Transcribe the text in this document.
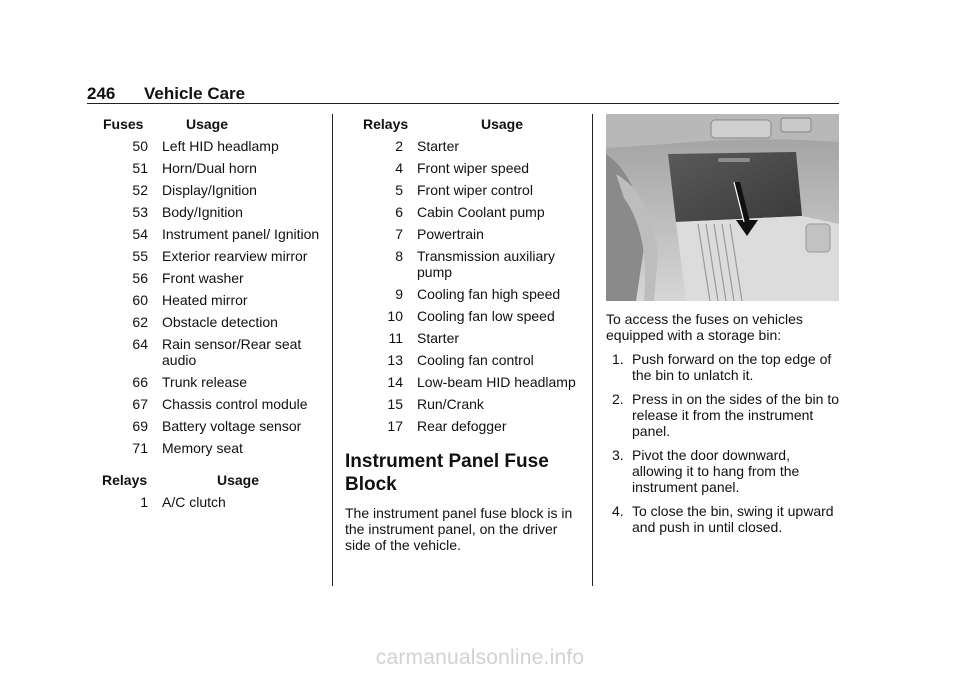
246 Vehicle Care
Fuses	Usage
50	Left HID headlamp
51	Horn/Dual horn
52	Display/Ignition
53	Body/Ignition
54	Instrument panel/ Ignition
55	Exterior rearview mirror
56	Front washer
60	Heated mirror
62	Obstacle detection
64	Rain sensor/Rear seat audio
66	Trunk release
67	Chassis control module
69	Battery voltage sensor
71	Memory seat
Relays	Usage
1	A/C clutch
Relays	Usage
2	Starter
4	Front wiper speed
5	Front wiper control
6	Cabin Coolant pump
7	Powertrain
8	Transmission auxiliary pump
9	Cooling fan high speed
10	Cooling fan low speed
11	Starter
13	Cooling fan control
14	Low-beam HID headlamp
15	Run/Crank
17	Rear defogger
Instrument Panel Fuse Block

The instrument panel fuse block is in the instrument panel, on the driver side of the vehicle.

To access the fuses on vehicles equipped with a storage bin:

1. Push forward on the top edge of the bin to unlatch it.
2. Press in on the sides of the bin to release it from the instrument panel.
3. Pivot the door downward, allowing it to hang from the instrument panel.
4. To close the bin, swing it upward and push in until closed.
carmanualsonline.info
